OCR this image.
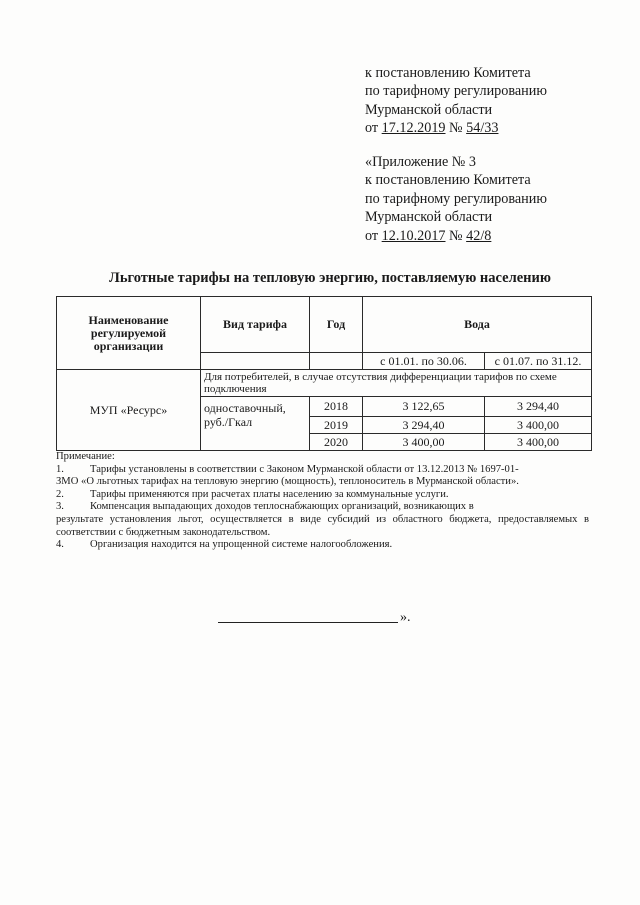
к постановлению Комитета
по тарифному регулированию
Мурманской области
от 17.12.2019 № 54/33
«Приложение № 3
к постановлению Комитета
по тарифному регулированию
Мурманской области
от 12.10.2017 № 42/8
Льготные тарифы на тепловую энергию, поставляемую населению
Наименование регулируемой организации	Вид тарифа	Год	Вода	
			с 01.01. по 30.06.	с 01.07. по 31.12.
МУП «Ресурс»	Для потребителей, в случае отсутствия дифференциации тарифов по схеме подключения			
	одноставочный, руб./Гкал	2018	3 122,65	3 294,40
		2019	3 294,40	3 400,00
		2020	3 400,00	3 400,00
Примечание:
1.	Тарифы установлены в соответствии с Законом Мурманской области от 13.12.2013 № 1697-01-
ЗМО «О льготных тарифах на тепловую энергию (мощность), теплоноситель в Мурманской области».
2.	Тарифы применяются при расчетах платы населению за коммунальные услуги.
3.	Компенсация выпадающих доходов теплоснабжающих организаций, возникающих в
результате установления льгот, осуществляется в виде субсидий из областного бюджета, предоставляемых в соответствии с бюджетным законодательством.
4.	Организация находится на упрощенной системе налогообложения.
».
